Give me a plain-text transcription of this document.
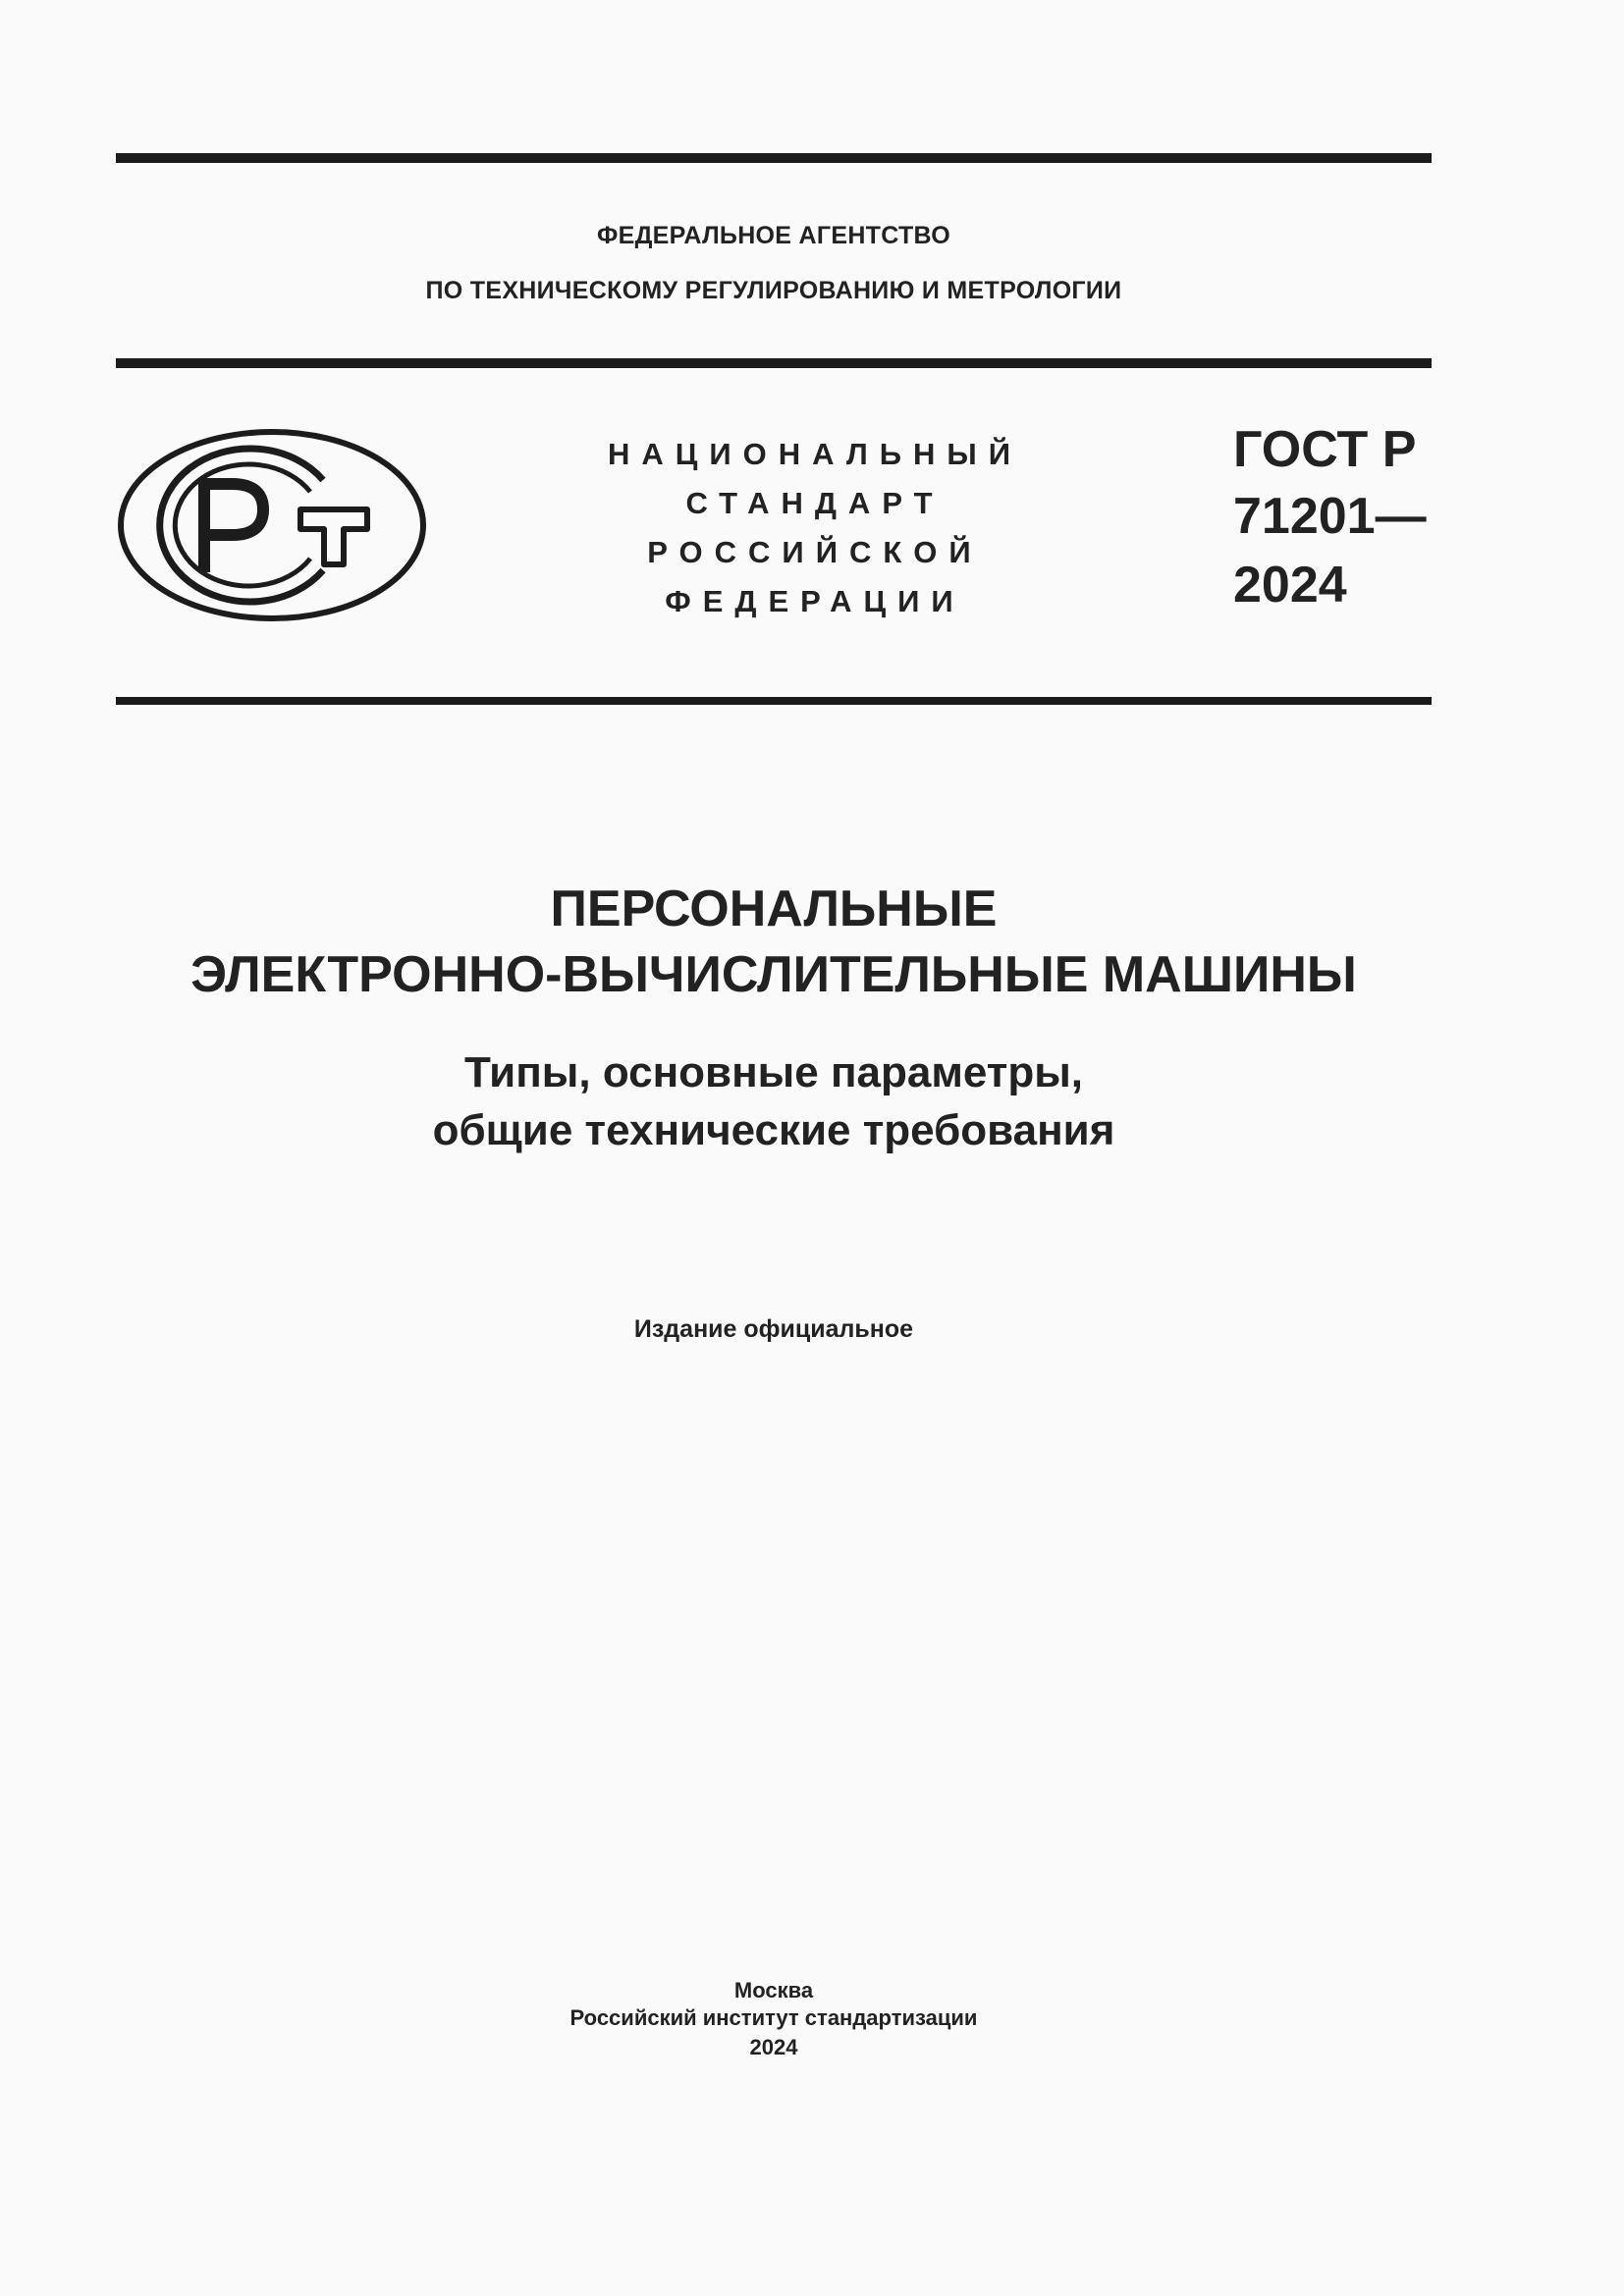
ФЕДЕРАЛЬНОЕ АГЕНТСТВО
ПО ТЕХНИЧЕСКОМУ РЕГУЛИРОВАНИЮ И МЕТРОЛОГИИ
НАЦИОНАЛЬНЫЙ
СТАНДАРТ
РОССИЙСКОЙ
ФЕДЕРАЦИИ
ГОСТ Р
71201—
2024
ПЕРСОНАЛЬНЫЕ
ЭЛЕКТРОННО-ВЫЧИСЛИТЕЛЬНЫЕ МАШИНЫ
Типы, основные параметры,
общие технические требования
Издание официальное
Москва
Российский институт стандартизации
2024
